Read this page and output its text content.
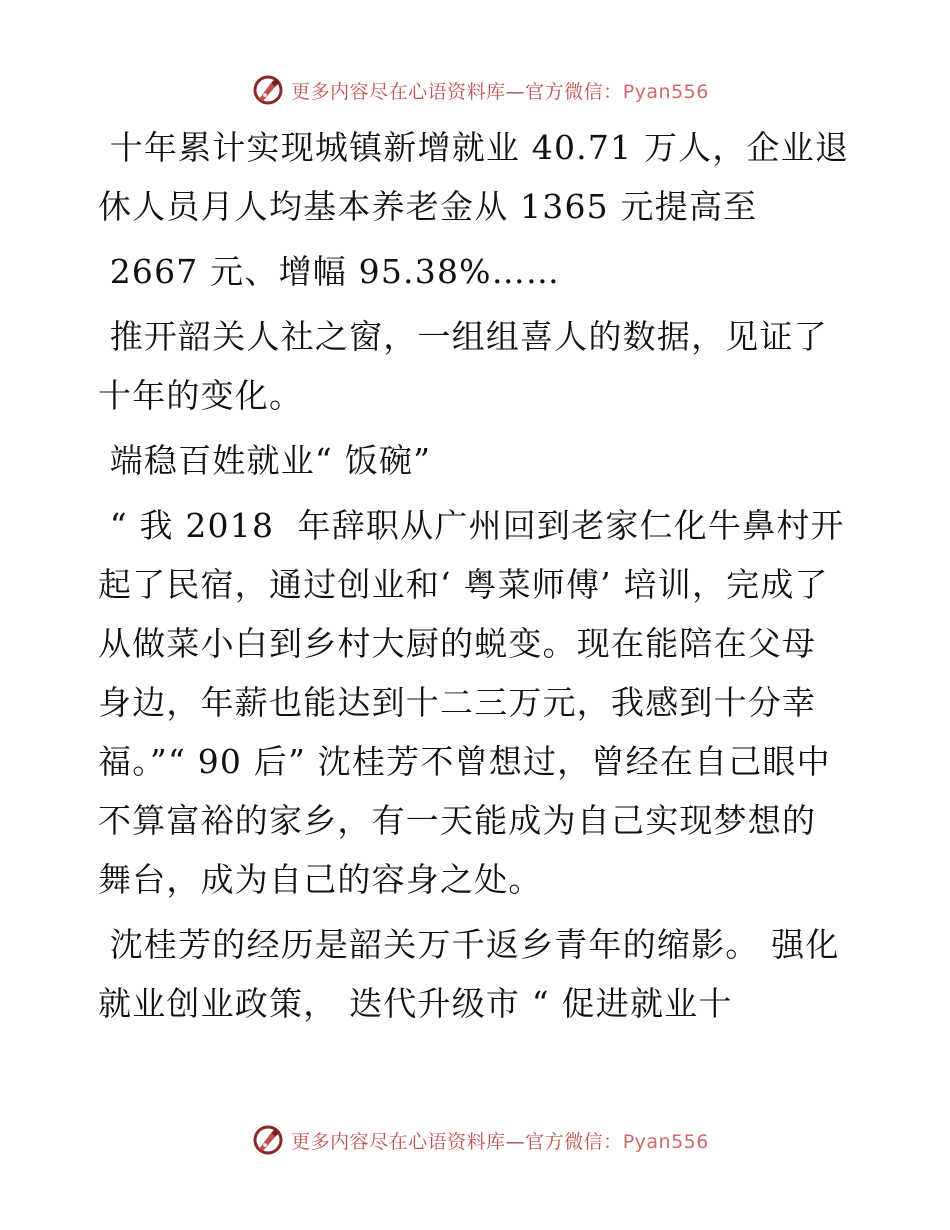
更多内容尽在心语资料库—官方微信：Pyan556

十年累计实现城镇新增就业 40.71 万人，企业退休人员月人均基本养老金从 1365 元提高至

2667 元、增幅 95.38%……

推开韶关人社之窗，一组组喜人的数据，见证了十年的变化。

端稳百姓就业“ 饭碗”

“ 我 2018  年辞职从广州回到老家仁化牛鼻村开起了民宿，通过创业和‘ 粤菜师傅’ 培训，完成了从做菜小白到乡村大厨的蜕变。现在能陪在父母身边，年薪也能达到十二三万元，我感到十分幸福。”“ 90 后” 沈桂芳不曾想过，曾经在自己眼中不算富裕的家乡，有一天能成为自己实现梦想的舞台，成为自己的容身之处。

沈桂芳的经历是韶关万千返乡青年的缩影。 强化就业创业政策， 迭代升级市 “ 促进就业十

更多内容尽在心语资料库—官方微信：Pyan556
